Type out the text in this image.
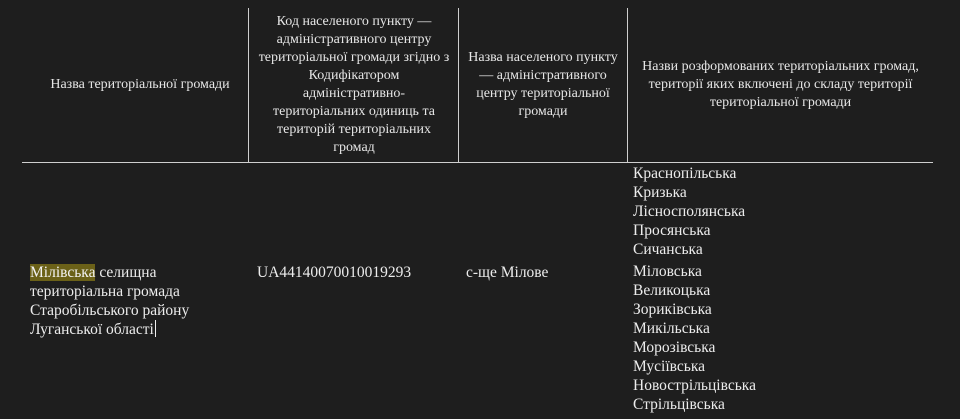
Назва територіальної громади
Код населеного пункту — адміністративного центру територіальної громади згідно з Кодифікатором адміністративно-територіальних одиниць та територій територіальних громад
Назва населеного пункту — адміністративного центру територіальної громади
Назви розформованих територіальних громад, території яких включені до складу території територіальної громади
Мілівська селищна
територіальна громада
Старобільського району
Луганської області
UA44140070010019293	с-ще Мілове
Краснопільська
Кризька
Лісносполянська
Просянська
Сичанська
Міловська
Великоцька
Зориківська
Микільська
Морозівська
Мусіївська
Новострільцівська
Стрільцівська
